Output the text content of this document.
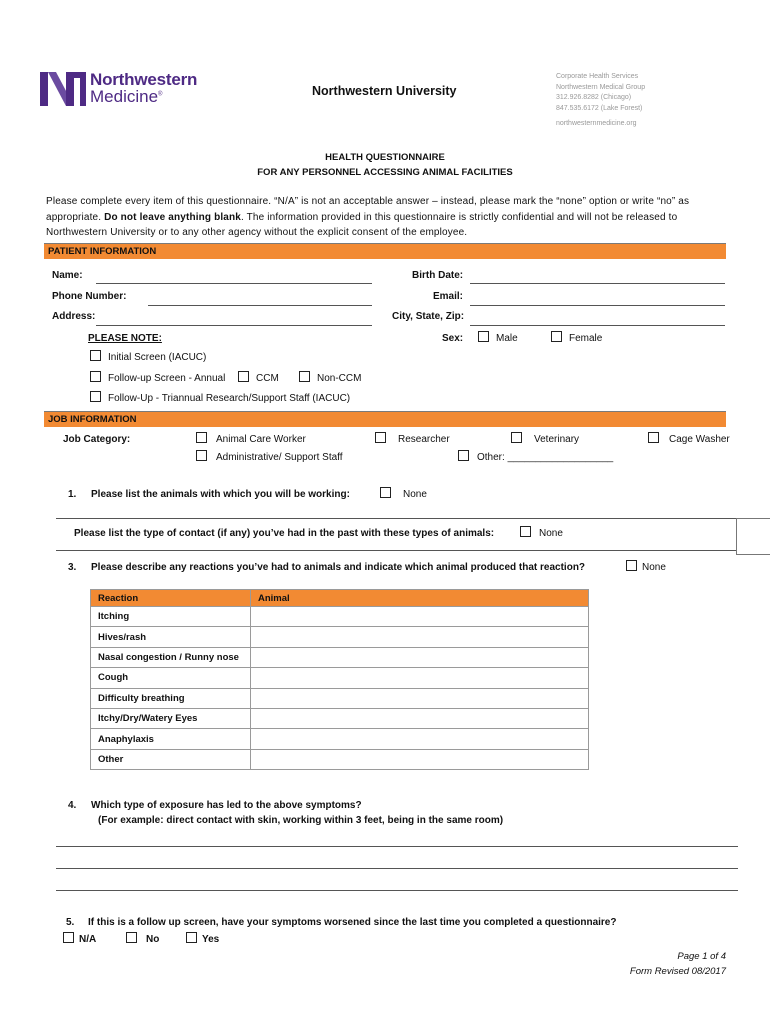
Northwestern
Medicine®	Northwestern University
Corporate Health Services
Northwestern Medical Group
312.926.8282 (Chicago)
847.535.6172 (Lake Forest)
northwesternmedicine.org
HEALTH QUESTIONNAIRE
FOR ANY PERSONNEL ACCESSING ANIMAL FACILITIES
Please complete every item of this questionnaire. “N/A” is not an acceptable answer – instead, please mark the “none” option or write “no” as appropriate. Do not leave anything blank. The information provided in this questionnaire is strictly confidential and will not be released to Northwestern University or to any other agency without the explicit consent of the employee.
PATIENT INFORMATION
Name:	Birth Date:
Phone Number:	Email:
Address:	City, State, Zip:
PLEASE NOTE:	Sex:	Male	Female
Initial Screen (IACUC)
Follow-up Screen - Annual	CCM	Non-CCM
Follow-Up - Triannual Research/Support Staff (IACUC)
JOB INFORMATION
Job Category:	Animal Care Worker	Researcher	Veterinary	Cage Washer
Administrative/ Support Staff	Other: ___________________
1. Please list the animals with which you will be working:	None
Please list the type of contact (if any) you’ve had in the past with these types of animals:	None
3. Please describe any reactions you’ve had to animals and indicate which animal produced that reaction?	None
Reaction	Animal
Itching	
Hives/rash	
Nasal congestion / Runny nose	
Cough	
Difficulty breathing	
Itchy/Dry/Watery Eyes	
Anaphylaxis	
Other	
4. Which type of exposure has led to the above symptoms?
(For example: direct contact with skin, working within 3 feet, being in the same room)
5. If this is a follow up screen, have your symptoms worsened since the last time you completed a questionnaire?
N/A	No	Yes
Page 1 of 4
Form Revised 08/2017
